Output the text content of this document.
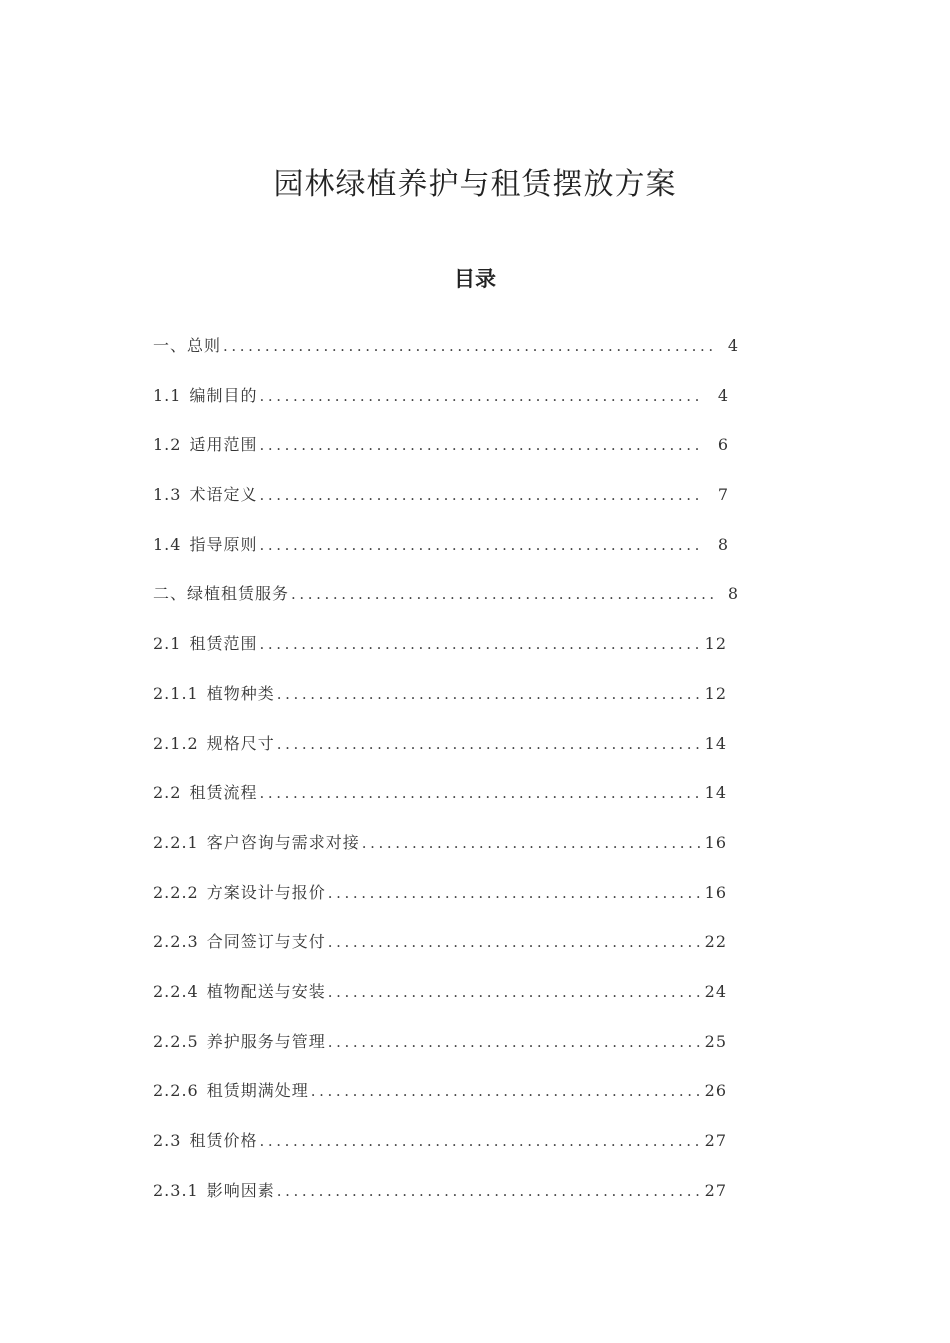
园林绿植养护与租赁摆放方案
目录
一、 总则 .....	4
1.1 编制目的 .....	4
1.2 适用范围 .....	6
1.3 术语定义 .....	7
1.4 指导原则 .....	8
二、 绿植租赁服务 .....	8
2.1 租赁范围 .....	12
2.1.1 植物种类 .....	12
2.1.2 规格尺寸 .....	14
2.2 租赁流程 .....	14
2.2.1 客户咨询与需求对接 .....	16
2.2.2 方案设计与报价 .....	16
2.2.3 合同签订与支付 .....	22
2.2.4 植物配送与安装 .....	24
2.2.5 养护服务与管理 .....	25
2.2.6 租赁期满处理 .....	26
2.3 租赁价格 .....	27
2.3.1 影响因素 .....	27
